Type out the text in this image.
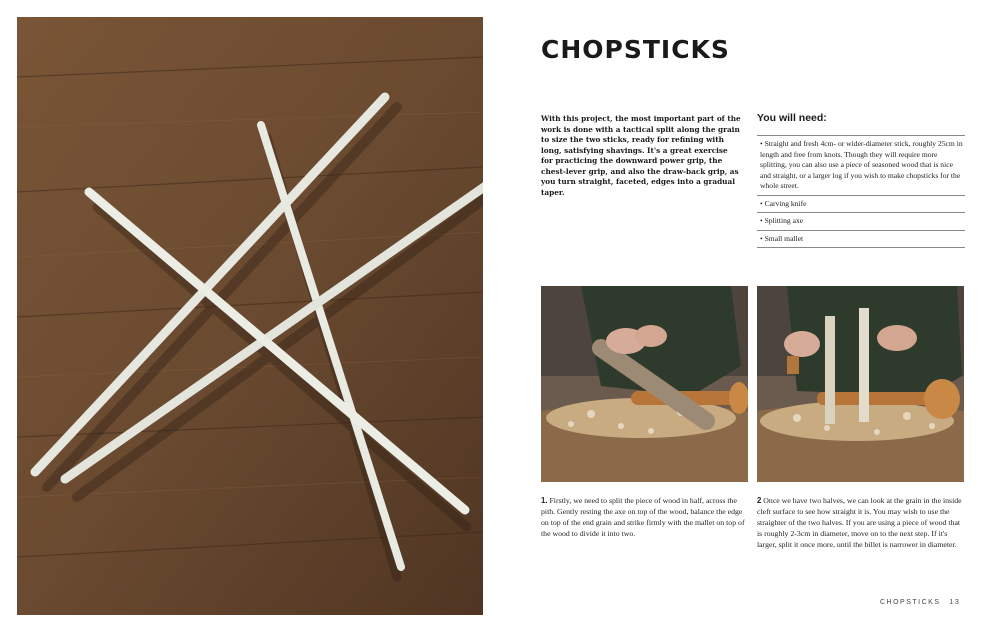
CHOPSTICKS

With this project, the most important part of the work is done with a tactical split along the grain to size the two sticks, ready for refining with long, satisfying shavings. It's a great exercise for practicing the downward power grip, the chest-lever grip, and also the draw-back grip, as you turn straight, faceted, edges into a gradual taper.

You will need:
• Straight and fresh 4cm- or wider-diameter stick, roughly 25cm in length and free from knots. Though they will require more splitting, you can also use a piece of seasoned wood that is nice and straight, or a larger log if you wish to make chopsticks for the whole street.
• Carving knife
• Splitting axe
• Small mallet

1. Firstly, we need to split the piece of wood in half, across the pith. Gently resting the axe on top of the wood, balance the edge on top of the end grain and strike firmly with the mallet on top of the wood to divide it into two.

2 Once we have two halves, we can look at the grain in the inside cleft surface to see how straight it is. You may wish to use the straighter of the two halves. If you are using a piece of wood that is roughly 2-3cm in diameter, move on to the next step. If it's larger, split it once more, until the billet is narrower in diameter.

CHOPSTICKS 13
